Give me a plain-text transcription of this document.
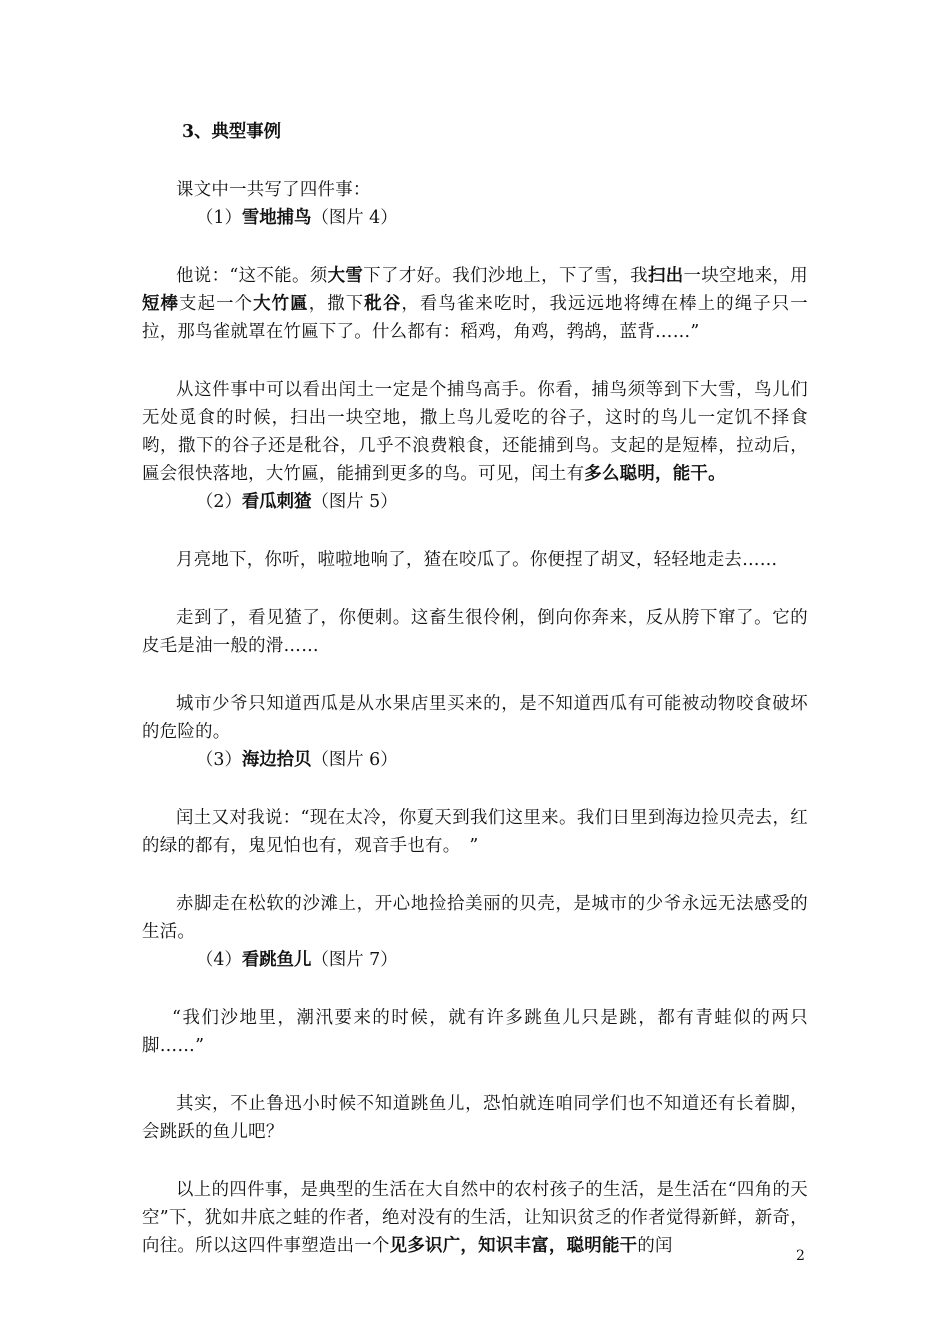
3、典型事例

课文中一共写了四件事：

（1）雪地捕鸟（图片 4）

他说：“这不能。须大雪下了才好。我们沙地上，下了雪，我扫出一块空地来，用短棒支起一个大竹匾，撒下秕谷，看鸟雀来吃时，我远远地将缚在棒上的绳子只一拉，那鸟雀就罩在竹匾下了。什么都有：稻鸡，角鸡，鹁鸪，蓝背……”

从这件事中可以看出闰土一定是个捕鸟高手。你看，捕鸟须等到下大雪，鸟儿们无处觅食的时候，扫出一块空地，撒上鸟儿爱吃的谷子，这时的鸟儿一定饥不择食哟，撒下的谷子还是秕谷，几乎不浪费粮食，还能捕到鸟。支起的是短棒，拉动后，匾会很快落地，大竹匾，能捕到更多的鸟。可见，闰土有多么聪明，能干。

（2）看瓜刺猹（图片 5）

月亮地下，你听，啦啦地响了，猹在咬瓜了。你便捏了胡叉，轻轻地走去……

走到了，看见猹了，你便刺。这畜生很伶俐，倒向你奔来，反从胯下窜了。它的皮毛是油一般的滑……

城市少爷只知道西瓜是从水果店里买来的，是不知道西瓜有可能被动物咬食破坏的危险的。

（3）海边拾贝（图片 6）

闰土又对我说：“现在太冷，你夏天到我们这里来。我们日里到海边捡贝壳去，红的绿的都有，鬼见怕也有，观音手也有。　”

赤脚走在松软的沙滩上，开心地捡拾美丽的贝壳，是城市的少爷永远无法感受的生活。

（4）看跳鱼儿（图片 7）

“我们沙地里，潮汛要来的时候，就有许多跳鱼儿只是跳，都有青蛙似的两只脚……”

其实，不止鲁迅小时候不知道跳鱼儿，恐怕就连咱同学们也不知道还有长着脚，会跳跃的鱼儿吧？

以上的四件事，是典型的生活在大自然中的农村孩子的生活，是生活在“四角的天空”下，犹如井底之蛙的作者，绝对没有的生活，让知识贫乏的作者觉得新鲜，新奇，向往。所以这四件事塑造出一个见多识广，知识丰富，聪明能干的闰	2
